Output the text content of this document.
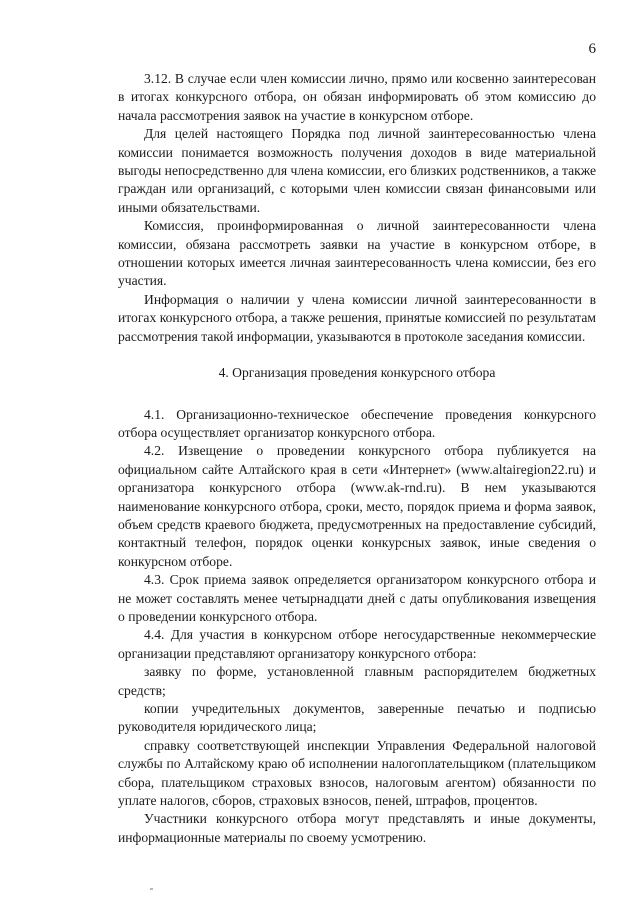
6

3.12. В случае если член комиссии лично, прямо или косвенно заинтересован в итогах конкурсного отбора, он обязан информировать об этом комиссию до начала рассмотрения заявок на участие в конкурсном отборе.

Для целей настоящего Порядка под личной заинтересованностью члена комиссии понимается возможность получения доходов в виде материальной выгоды непосредственно для члена комиссии, его близких родственников, а также граждан или организаций, с которыми член комиссии связан финансовыми или иными обязательствами.

Комиссия, проинформированная о личной заинтересованности члена комиссии, обязана рассмотреть заявки на участие в конкурсном отборе, в отношении которых имеется личная заинтересованность члена комиссии, без его участия.

Информация о наличии у члена комиссии личной заинтересованности в итогах конкурсного отбора, а также решения, принятые комиссией по результатам рассмотрения такой информации, указываются в протоколе заседания комиссии.

4. Организация проведения конкурсного отбора

4.1. Организационно-техническое обеспечение проведения конкурсного отбора осуществляет организатор конкурсного отбора.

4.2. Извещение о проведении конкурсного отбора публикуется на официальном сайте Алтайского края в сети «Интернет» (www.altairegion22.ru) и организатора конкурсного отбора (www.ak-rnd.ru). В нем указываются наименование конкурсного отбора, сроки, место, порядок приема и форма заявок, объем средств краевого бюджета, предусмотренных на предоставление субсидий, контактный телефон, порядок оценки конкурсных заявок, иные сведения о конкурсном отборе.

4.3. Срок приема заявок определяется организатором конкурсного отбора и не может составлять менее четырнадцати дней с даты опубликования извещения о проведении конкурсного отбора.

4.4. Для участия в конкурсном отборе негосударственные некоммерческие организации представляют организатору конкурсного отбора:

заявку по форме, установленной главным распорядителем бюджетных средств;

копии учредительных документов, заверенные печатью и подписью руководителя юридического лица;

справку соответствующей инспекции Управления Федеральной налоговой службы по Алтайскому краю об исполнении налогоплательщиком (плательщиком сбора, плательщиком страховых взносов, налоговым агентом) обязанности по уплате налогов, сборов, страховых взносов, пеней, штрафов, процентов.

Участники конкурсного отбора могут представлять и иные документы, информационные материалы по своему усмотрению.
